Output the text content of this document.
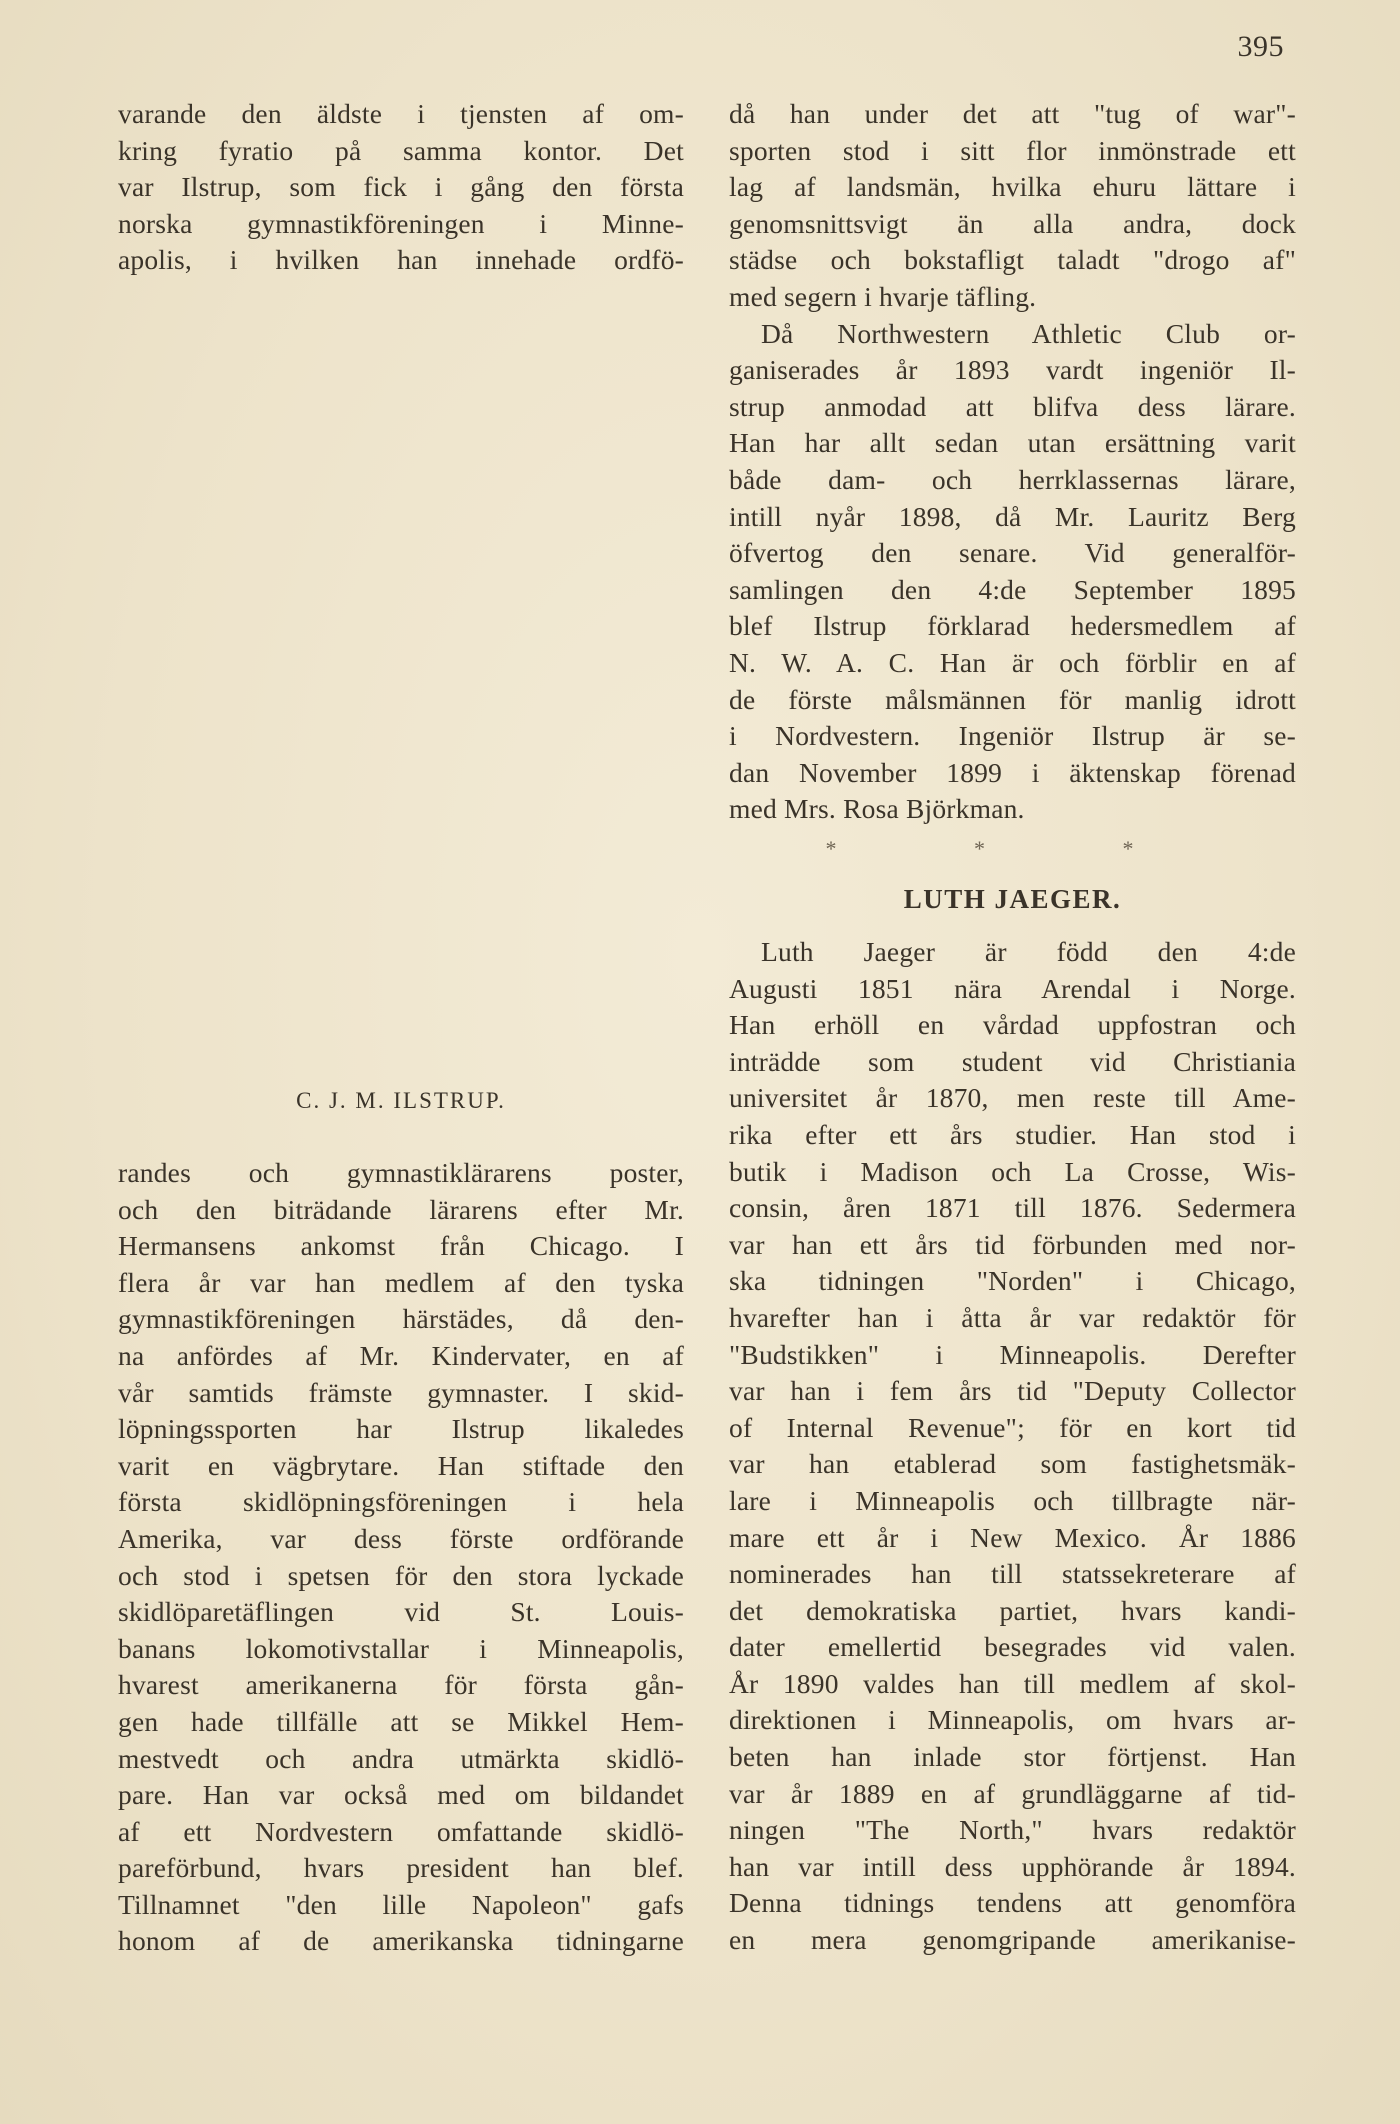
395
varande den äldste i tjensten af om-
kring fyratio på samma kontor. Det
var Ilstrup, som fick i gång den första
norska gymnastikföreningen i Minne-
apolis, i hvilken han innehade ordfö-
C. J. M. ILSTRUP.
randes och gymnastiklärarens poster,
och den biträdande lärarens efter Mr.
Hermansens ankomst från Chicago. I
flera år var han medlem af den tyska
gymnastikföreningen härstädes, då den-
na anfördes af Mr. Kindervater, en af
vår samtids främste gymnaster. I skid-
löpningssporten har Ilstrup likaledes
varit en vägbrytare. Han stiftade den
första skidlöpningsföreningen i hela
Amerika, var dess förste ordförande
och stod i spetsen för den stora lyckade
skidlöparetäflingen vid St. Louis-
banans lokomotivstallar i Minneapolis,
hvarest amerikanerna för första gån-
gen hade tillfälle att se Mikkel Hem-
mestvedt och andra utmärkta skidlö-
pare. Han var också med om bildandet
af ett Nordvestern omfattande skidlö-
pareförbund, hvars president han blef.
Tillnamnet "den lille Napoleon" gafs
honom af de amerikanska tidningarne
då han under det att "tug of war"-
sporten stod i sitt flor inmönstrade ett
lag af landsmän, hvilka ehuru lättare i
genomsnittsvigt än alla andra, dock
städse och bokstafligt taladt "drogo af"
med segern i hvarje täfling.
Då Northwestern Athletic Club or-
ganiserades år 1893 vardt ingeniör Il-
strup anmodad att blifva dess lärare.
Han har allt sedan utan ersättning varit
både dam- och herrklassernas lärare,
intill nyår 1898, då Mr. Lauritz Berg
öfvertog den senare. Vid generalför-
samlingen den 4:de September 1895
blef Ilstrup förklarad hedersmedlem af
N. W. A. C. Han är och förblir en af
de förste målsmännen för manlig idrott
i Nordvestern. Ingeniör Ilstrup är se-
dan November 1899 i äktenskap förenad
med Mrs. Rosa Björkman.
* * *
LUTH JAEGER.
Luth Jaeger är född den 4:de
Augusti 1851 nära Arendal i Norge.
Han erhöll en vårdad uppfostran och
inträdde som student vid Christiania
universitet år 1870, men reste till Ame-
rika efter ett års studier. Han stod i
butik i Madison och La Crosse, Wis-
consin, åren 1871 till 1876. Sedermera
var han ett års tid förbunden med nor-
ska tidningen "Norden" i Chicago,
hvarefter han i åtta år var redaktör för
"Budstikken" i Minneapolis. Derefter
var han i fem års tid "Deputy Collector
of Internal Revenue"; för en kort tid
var han etablerad som fastighetsmäk-
lare i Minneapolis och tillbragte när-
mare ett år i New Mexico. År 1886
nominerades han till statssekreterare af
det demokratiska partiet, hvars kandi-
dater emellertid besegrades vid valen.
År 1890 valdes han till medlem af skol-
direktionen i Minneapolis, om hvars ar-
beten han inlade stor förtjenst. Han
var år 1889 en af grundläggarne af tid-
ningen "The North," hvars redaktör
han var intill dess upphörande år 1894.
Denna tidnings tendens att genomföra
en mera genomgripande amerikanise-
